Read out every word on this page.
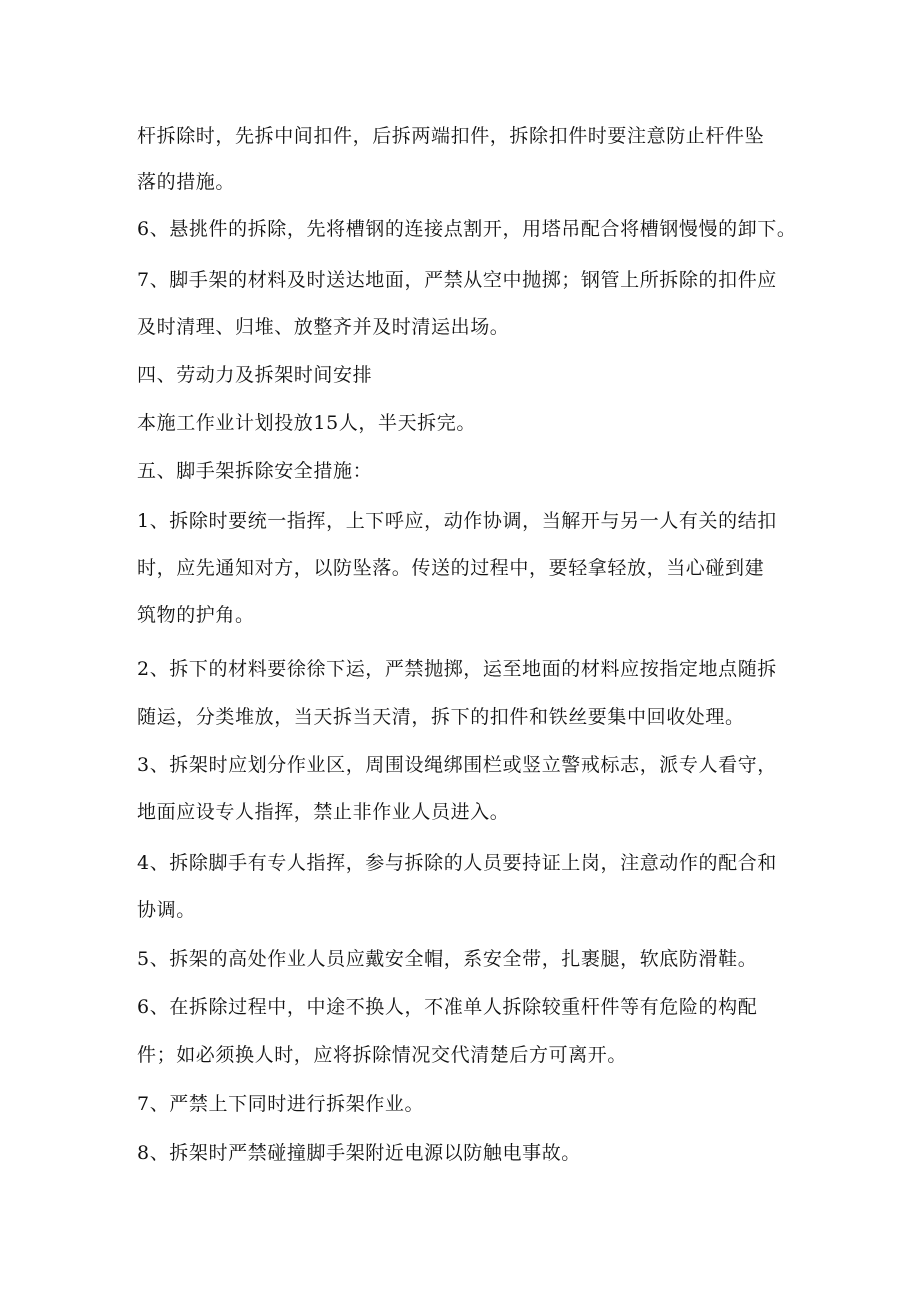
杆拆除时，先拆中间扣件，后拆两端扣件，拆除扣件时要注意防止杆件坠
落的措施。
6、悬挑件的拆除，先将槽钢的连接点割开，用塔吊配合将槽钢慢慢的卸下。
7、脚手架的材料及时送达地面，严禁从空中抛掷；钢管上所拆除的扣件应
及时清理、归堆、放整齐并及时清运出场。
四、劳动力及拆架时间安排
本施工作业计划投放15人，半天拆完。
五、脚手架拆除安全措施：
1、拆除时要统一指挥，上下呼应，动作协调，当解开与另一人有关的结扣
时，应先通知对方，以防坠落。传送的过程中，要轻拿轻放，当心碰到建
筑物的护角。
2、拆下的材料要徐徐下运，严禁抛掷，运至地面的材料应按指定地点随拆
随运，分类堆放，当天拆当天清，拆下的扣件和铁丝要集中回收处理。
3、拆架时应划分作业区，周围设绳绑围栏或竖立警戒标志，派专人看守，
地面应设专人指挥，禁止非作业人员进入。
4、拆除脚手有专人指挥，参与拆除的人员要持证上岗，注意动作的配合和
协调。
5、拆架的高处作业人员应戴安全帽，系安全带，扎裹腿，软底防滑鞋。
6、在拆除过程中，中途不换人，不准单人拆除较重杆件等有危险的构配
件；如必须换人时，应将拆除情况交代清楚后方可离开。
7、严禁上下同时进行拆架作业。
8、拆架时严禁碰撞脚手架附近电源以防触电事故。
